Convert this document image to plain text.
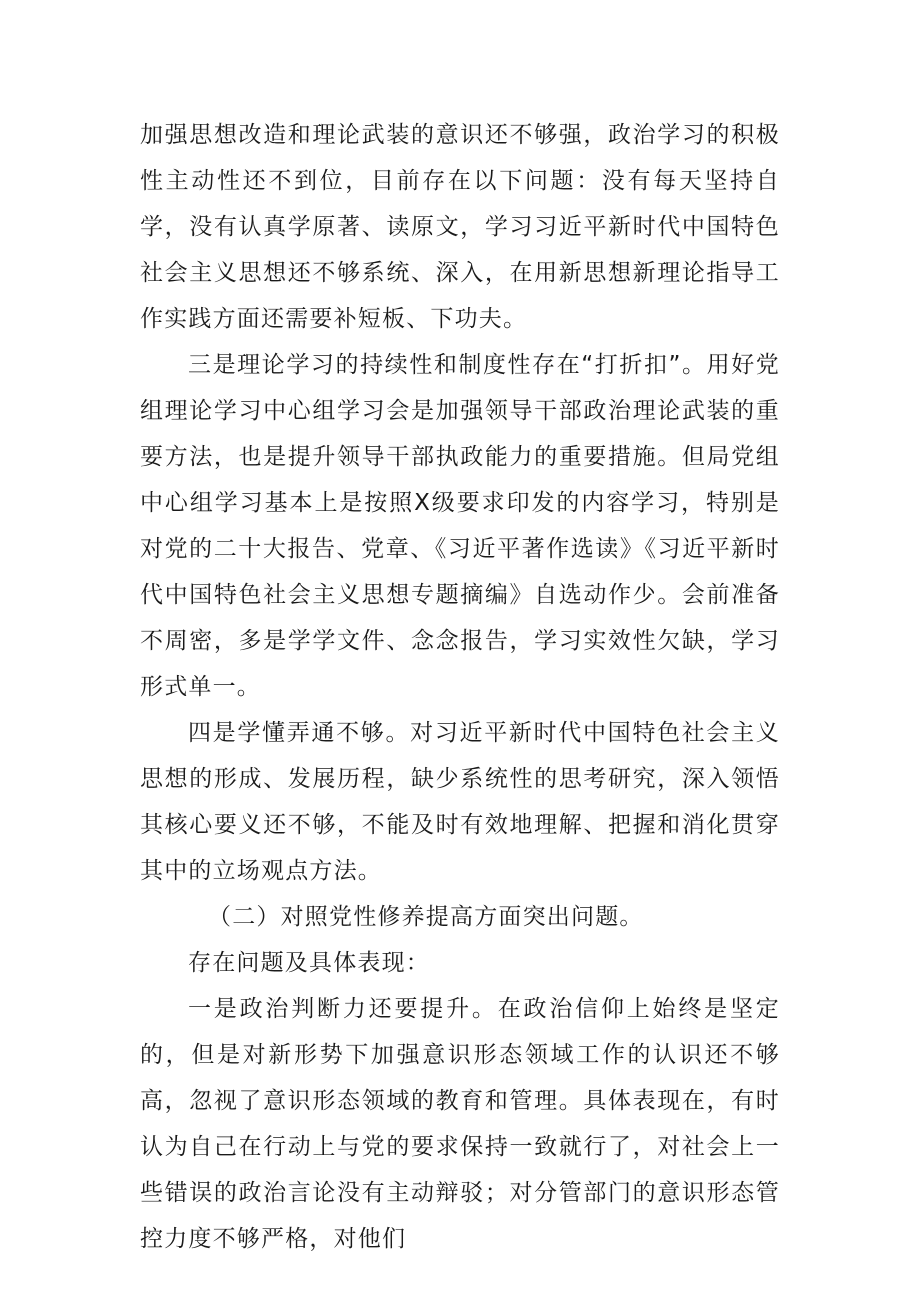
加强思想改造和理论武装的意识还不够强，政治学习的积极性主动性还不到位，目前存在以下问题：没有每天坚持自学，没有认真学原著、读原文，学习习近平新时代中国特色社会主义思想还不够系统、深入，在用新思想新理论指导工作实践方面还需要补短板、下功夫。

三是理论学习的持续性和制度性存在“打折扣”。用好党组理论学习中心组学习会是加强领导干部政治理论武装的重要方法，也是提升领导干部执政能力的重要措施。但局党组中心组学习基本上是按照X级要求印发的内容学习，特别是对党的二十大报告、党章、《习近平著作选读》《习近平新时代中国特色社会主义思想专题摘编》自选动作少。会前准备不周密，多是学学文件、念念报告，学习实效性欠缺，学习形式单一。

四是学懂弄通不够。对习近平新时代中国特色社会主义思想的形成、发展历程，缺少系统性的思考研究，深入领悟其核心要义还不够，不能及时有效地理解、把握和消化贯穿其中的立场观点方法。

（二）对照党性修养提高方面突出问题。

存在问题及具体表现：

一是政治判断力还要提升。在政治信仰上始终是坚定的，但是对新形势下加强意识形态领域工作的认识还不够高，忽视了意识形态领域的教育和管理。具体表现在，有时认为自己在行动上与党的要求保持一致就行了，对社会上一些错误的政治言论没有主动辩驳；对分管部门的意识形态管控力度不够严格，对他们
